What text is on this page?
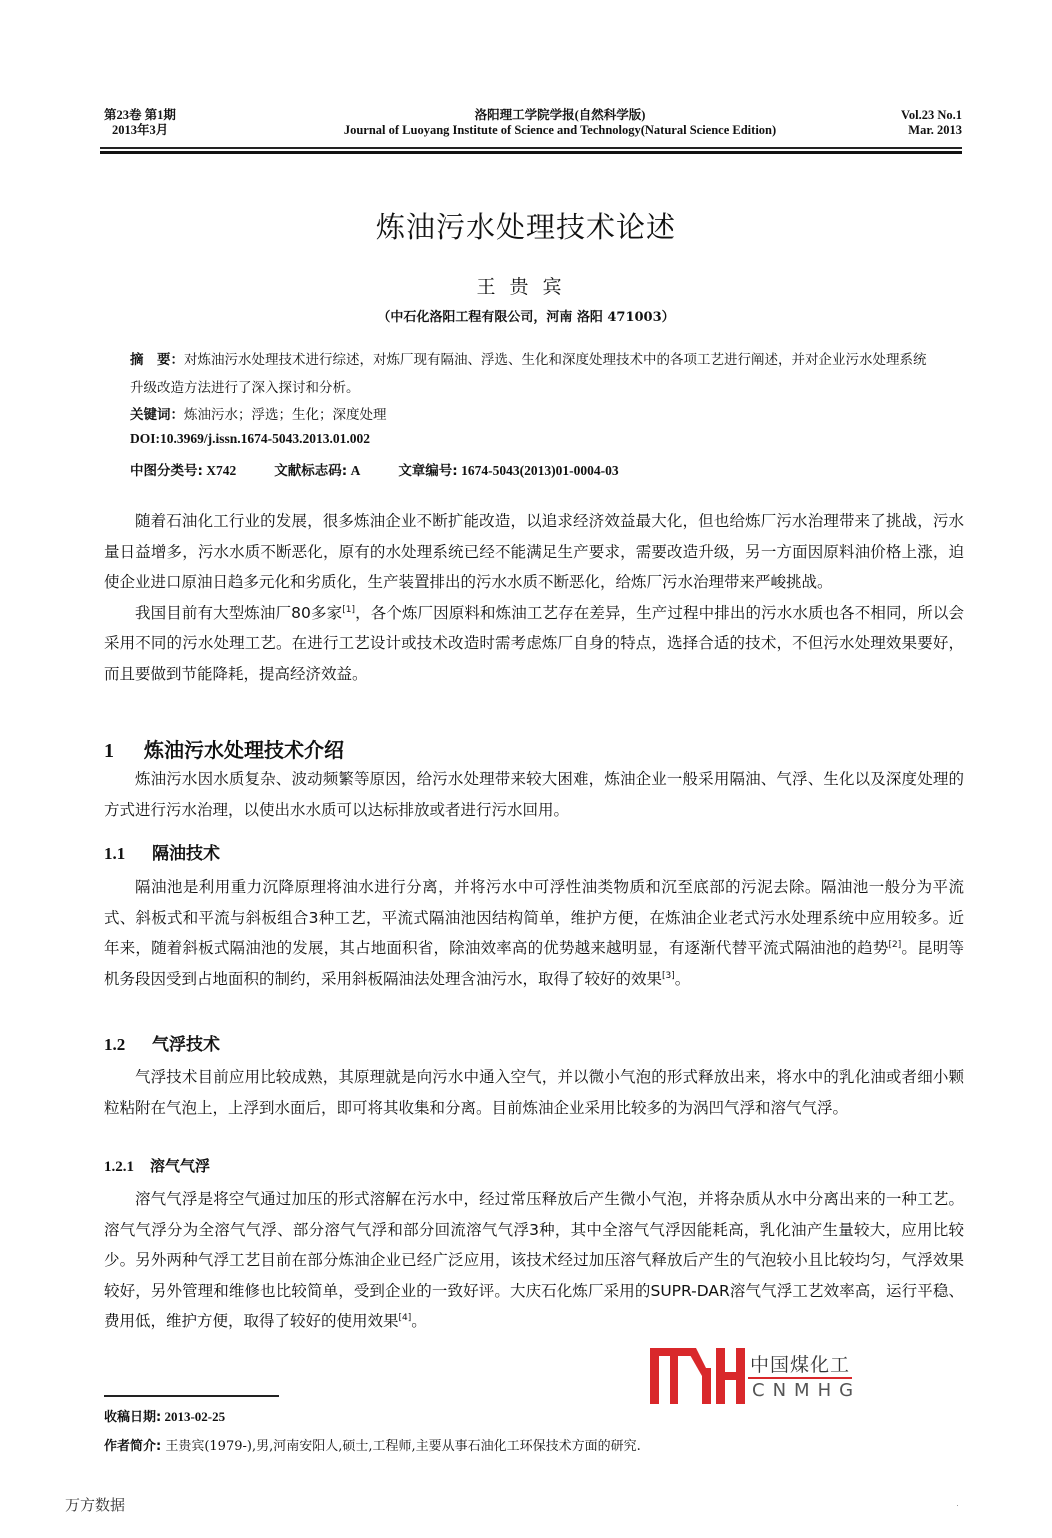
第23卷 第1期
2013年3月
洛阳理工学院学报(自然科学版)
Journal of Luoyang Institute of Science and Technology(Natural Science Edition)
Vol.23 No.1
Mar. 2013
炼油污水处理技术论述
王贵宾
（中石化洛阳工程有限公司，河南 洛阳 471003）
摘　要：对炼油污水处理技术进行综述，对炼厂现有隔油、浮选、生化和深度处理技术中的各项工艺进行阐述，并对企业污水处理系统升级改造方法进行了深入探讨和分析。
关键词：炼油污水；浮选；生化；深度处理
DOI:10.3969/j.issn.1674-5043.2013.01.002
中图分类号: X742	文献标志码: A	文章编号: 1674-5043(2013)01-0004-03

随着石油化工行业的发展，很多炼油企业不断扩能改造，以追求经济效益最大化，但也给炼厂污水治理带来了挑战，污水量日益增多，污水水质不断恶化，原有的水处理系统已经不能满足生产要求，需要改造升级，另一方面因原料油价格上涨，迫使企业进口原油日趋多元化和劣质化，生产装置排出的污水水质不断恶化，给炼厂污水治理带来严峻挑战。

我国目前有大型炼油厂80多家[1]，各个炼厂因原料和炼油工艺存在差异，生产过程中排出的污水水质也各不相同，所以会采用不同的污水处理工艺。在进行工艺设计或技术改造时需考虑炼厂自身的特点，选择合适的技术，不但污水处理效果要好，而且要做到节能降耗，提高经济效益。

1 炼油污水处理技术介绍

炼油污水因水质复杂、波动频繁等原因，给污水处理带来较大困难，炼油企业一般采用隔油、气浮、生化以及深度处理的方式进行污水治理，以使出水水质可以达标排放或者进行污水回用。

1.1 隔油技术

隔油池是利用重力沉降原理将油水进行分离，并将污水中可浮性油类物质和沉至底部的污泥去除。隔油池一般分为平流式、斜板式和平流与斜板组合3种工艺，平流式隔油池因结构简单，维护方便，在炼油企业老式污水处理系统中应用较多。近年来，随着斜板式隔油池的发展，其占地面积省，除油效率高的优势越来越明显，有逐渐代替平流式隔油池的趋势[2]。昆明等机务段因受到占地面积的制约，采用斜板隔油法处理含油污水，取得了较好的效果[3]。

1.2 气浮技术

气浮技术目前应用比较成熟，其原理就是向污水中通入空气，并以微小气泡的形式释放出来，将水中的乳化油或者细小颗粒粘附在气泡上，上浮到水面后，即可将其收集和分离。目前炼油企业采用比较多的为涡凹气浮和溶气气浮。

1.2.1 溶气气浮

溶气气浮是将空气通过加压的形式溶解在污水中，经过常压释放后产生微小气泡，并将杂质从水中分离出来的一种工艺。溶气气浮分为全溶气气浮、部分溶气气浮和部分回流溶气气浮3种，其中全溶气气浮因能耗高，乳化油产生量较大，应用比较少。另外两种气浮工艺目前在部分炼油企业已经广泛应用，该技术经过加压溶气释放后产生的气泡较小且比较均匀，气浮效果较好，另外管理和维修也比较简单，受到企业的一致好评。大庆石化炼厂采用的SUPR-DAR溶气气浮工艺效率高，运行平稳、费用低，维护方便，取得了较好的使用效果[4]。

中国煤化工
CNMHG
收稿日期: 2013-02-25
作者简介: 王贵宾(1979-),男,河南安阳人,硕士,工程师,主要从事石油化工环保技术方面的研究.
万方数据
